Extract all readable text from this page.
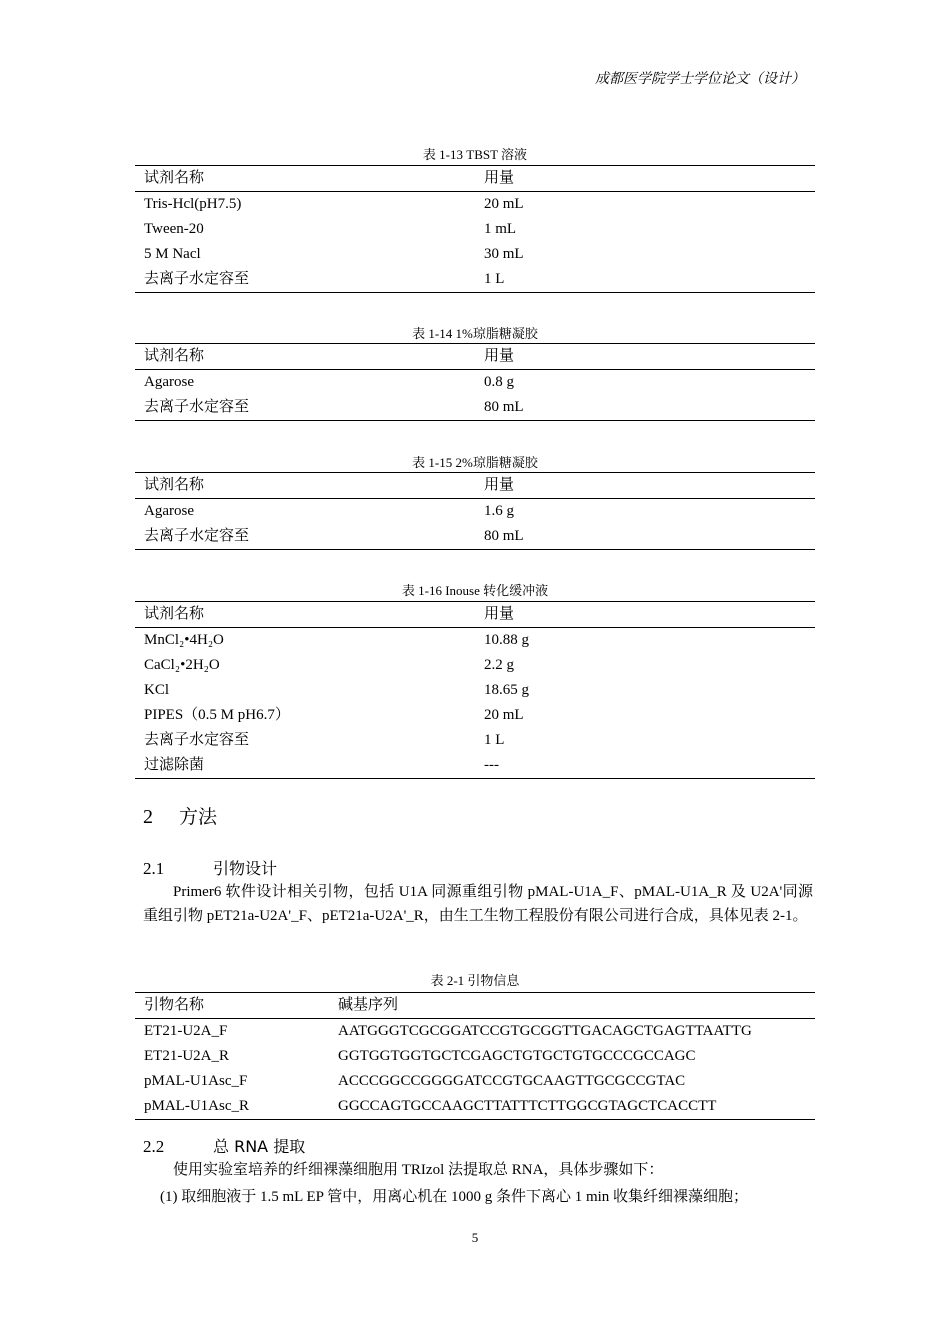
成都医学院学士学位论文（设计）
表 1-13 TBST 溶液
试剂名称	用量
Tris-Hcl(pH7.5)	20 mL
Tween-20	1 mL
5 M Nacl	30 mL
去离子水定容至	1 L
表 1-14 1%琼脂糖凝胶
试剂名称	用量
Agarose	0.8 g
去离子水定容至	80 mL
表 1-15 2%琼脂糖凝胶
试剂名称	用量
Agarose	1.6 g
去离子水定容至	80 mL
表 1-16 Inouse 转化缓冲液
试剂名称	用量
MnCl₂•4H₂O	10.88 g
CaCl₂•2H₂O	2.2 g
KCl	18.65 g
PIPES（0.5 M pH6.7）	20 mL
去离子水定容至	1 L
过滤除菌	---
2 方法
2.1	引物设计
Primer6 软件设计相关引物，包括 U1A 同源重组引物 pMAL-U1A_F、pMAL-U1A_R 及 U2A'同源重组引物 pET21a-U2A'_F、pET21a-U2A'_R，由生工生物工程股份有限公司进行合成，具体见表 2-1。
表 2-1 引物信息
引物名称	碱基序列
ET21-U2A_F	AATGGGTCGCGGATCCGTGCGGTTGACAGCTGAGTTAATTG
ET21-U2A_R	GGTGGTGGTGCTCGAGCTGTGCTGTGCCCGCCAGC
pMAL-U1Asc_F	ACCCGGCCGGGGATCCGTGCAAGTTGCGCCGTAC
pMAL-U1Asc_R	GGCCAGTGCCAAGCTTATTTCTTGGCGTAGCTCACCTT
2.2	总 RNA 提取
使用实验室培养的纤细裸藻细胞用 TRIzol 法提取总 RNA，具体步骤如下：
(1) 取细胞液于 1.5 mL EP 管中，用离心机在 1000 g 条件下离心 1 min 收集纤细裸藻细胞；
5
